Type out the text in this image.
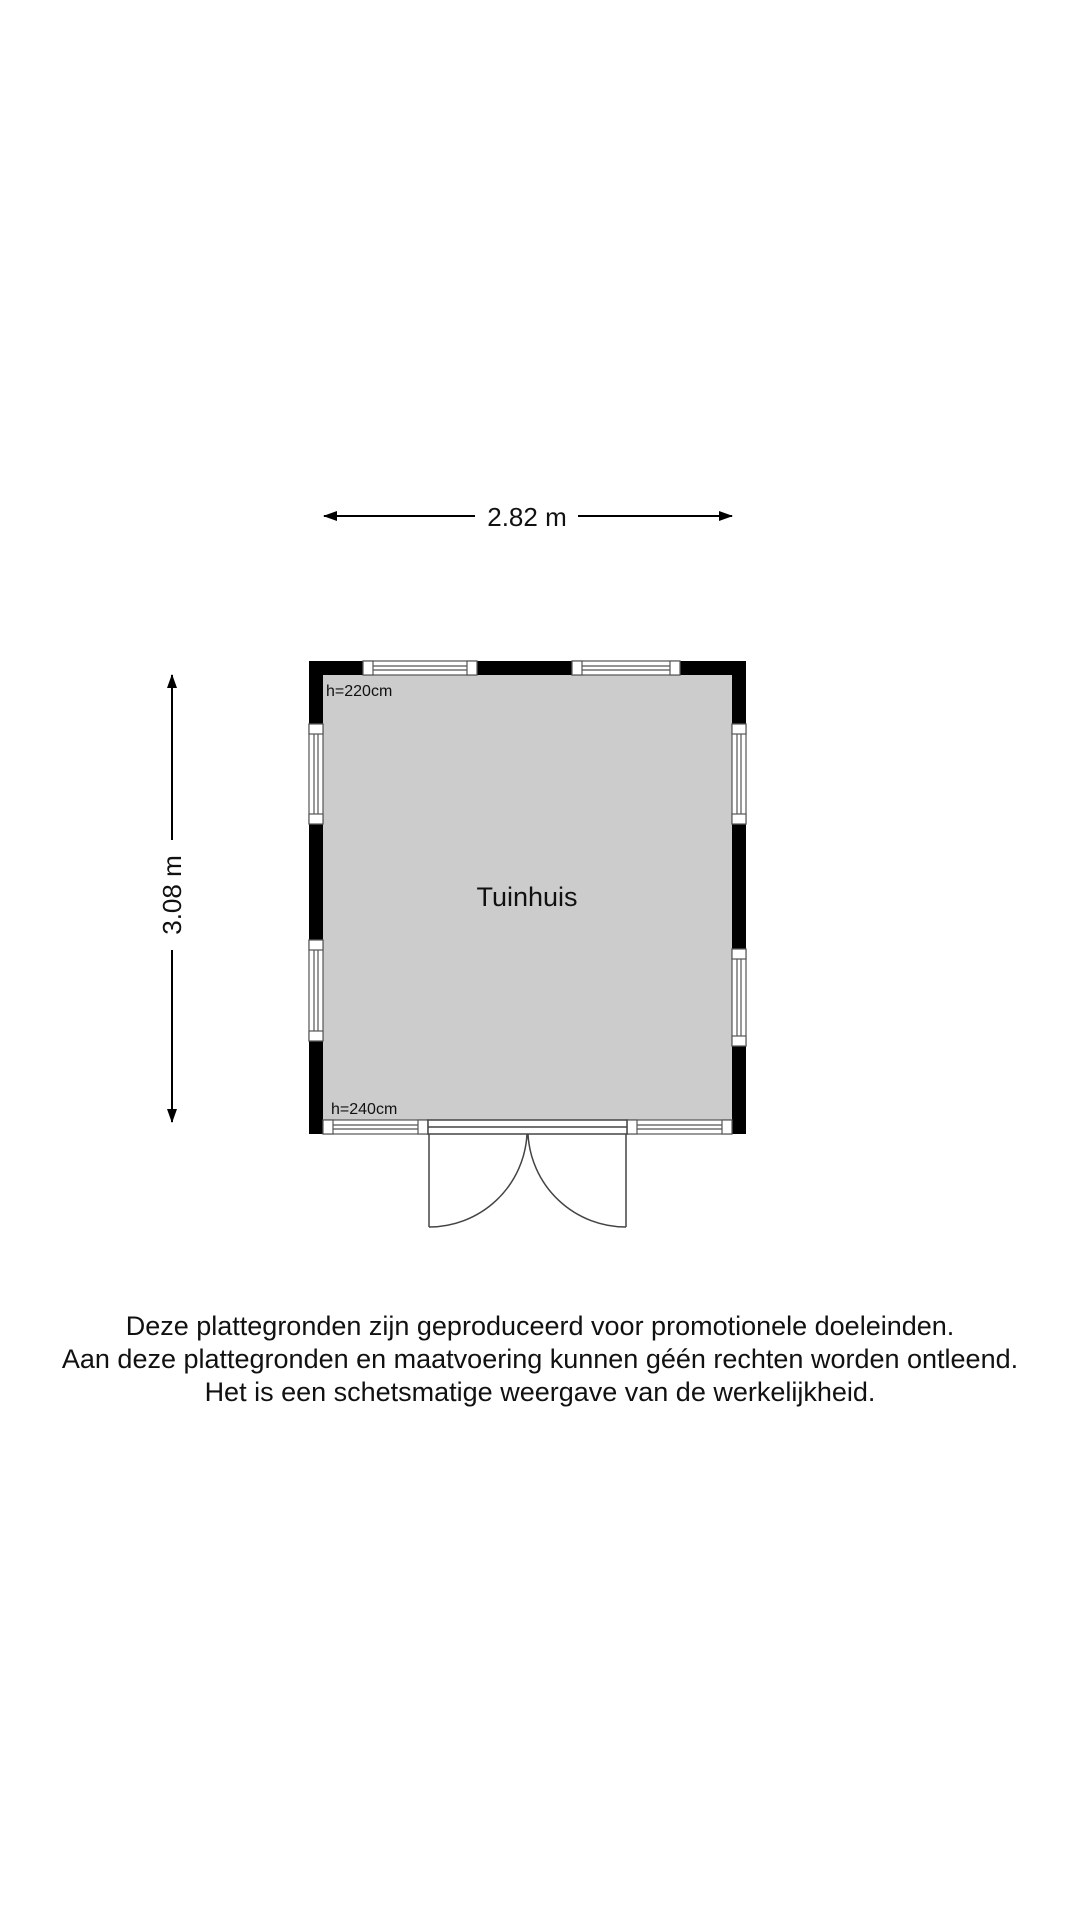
2.82 m
3.08 m	Tuinhuis
h=220cm
h=240cm
Deze plattegronden zijn geproduceerd voor promotionele doeleinden.
Aan deze plattegronden en maatvoering kunnen géén rechten worden ontleend.
Het is een schetsmatige weergave van de werkelijkheid.
